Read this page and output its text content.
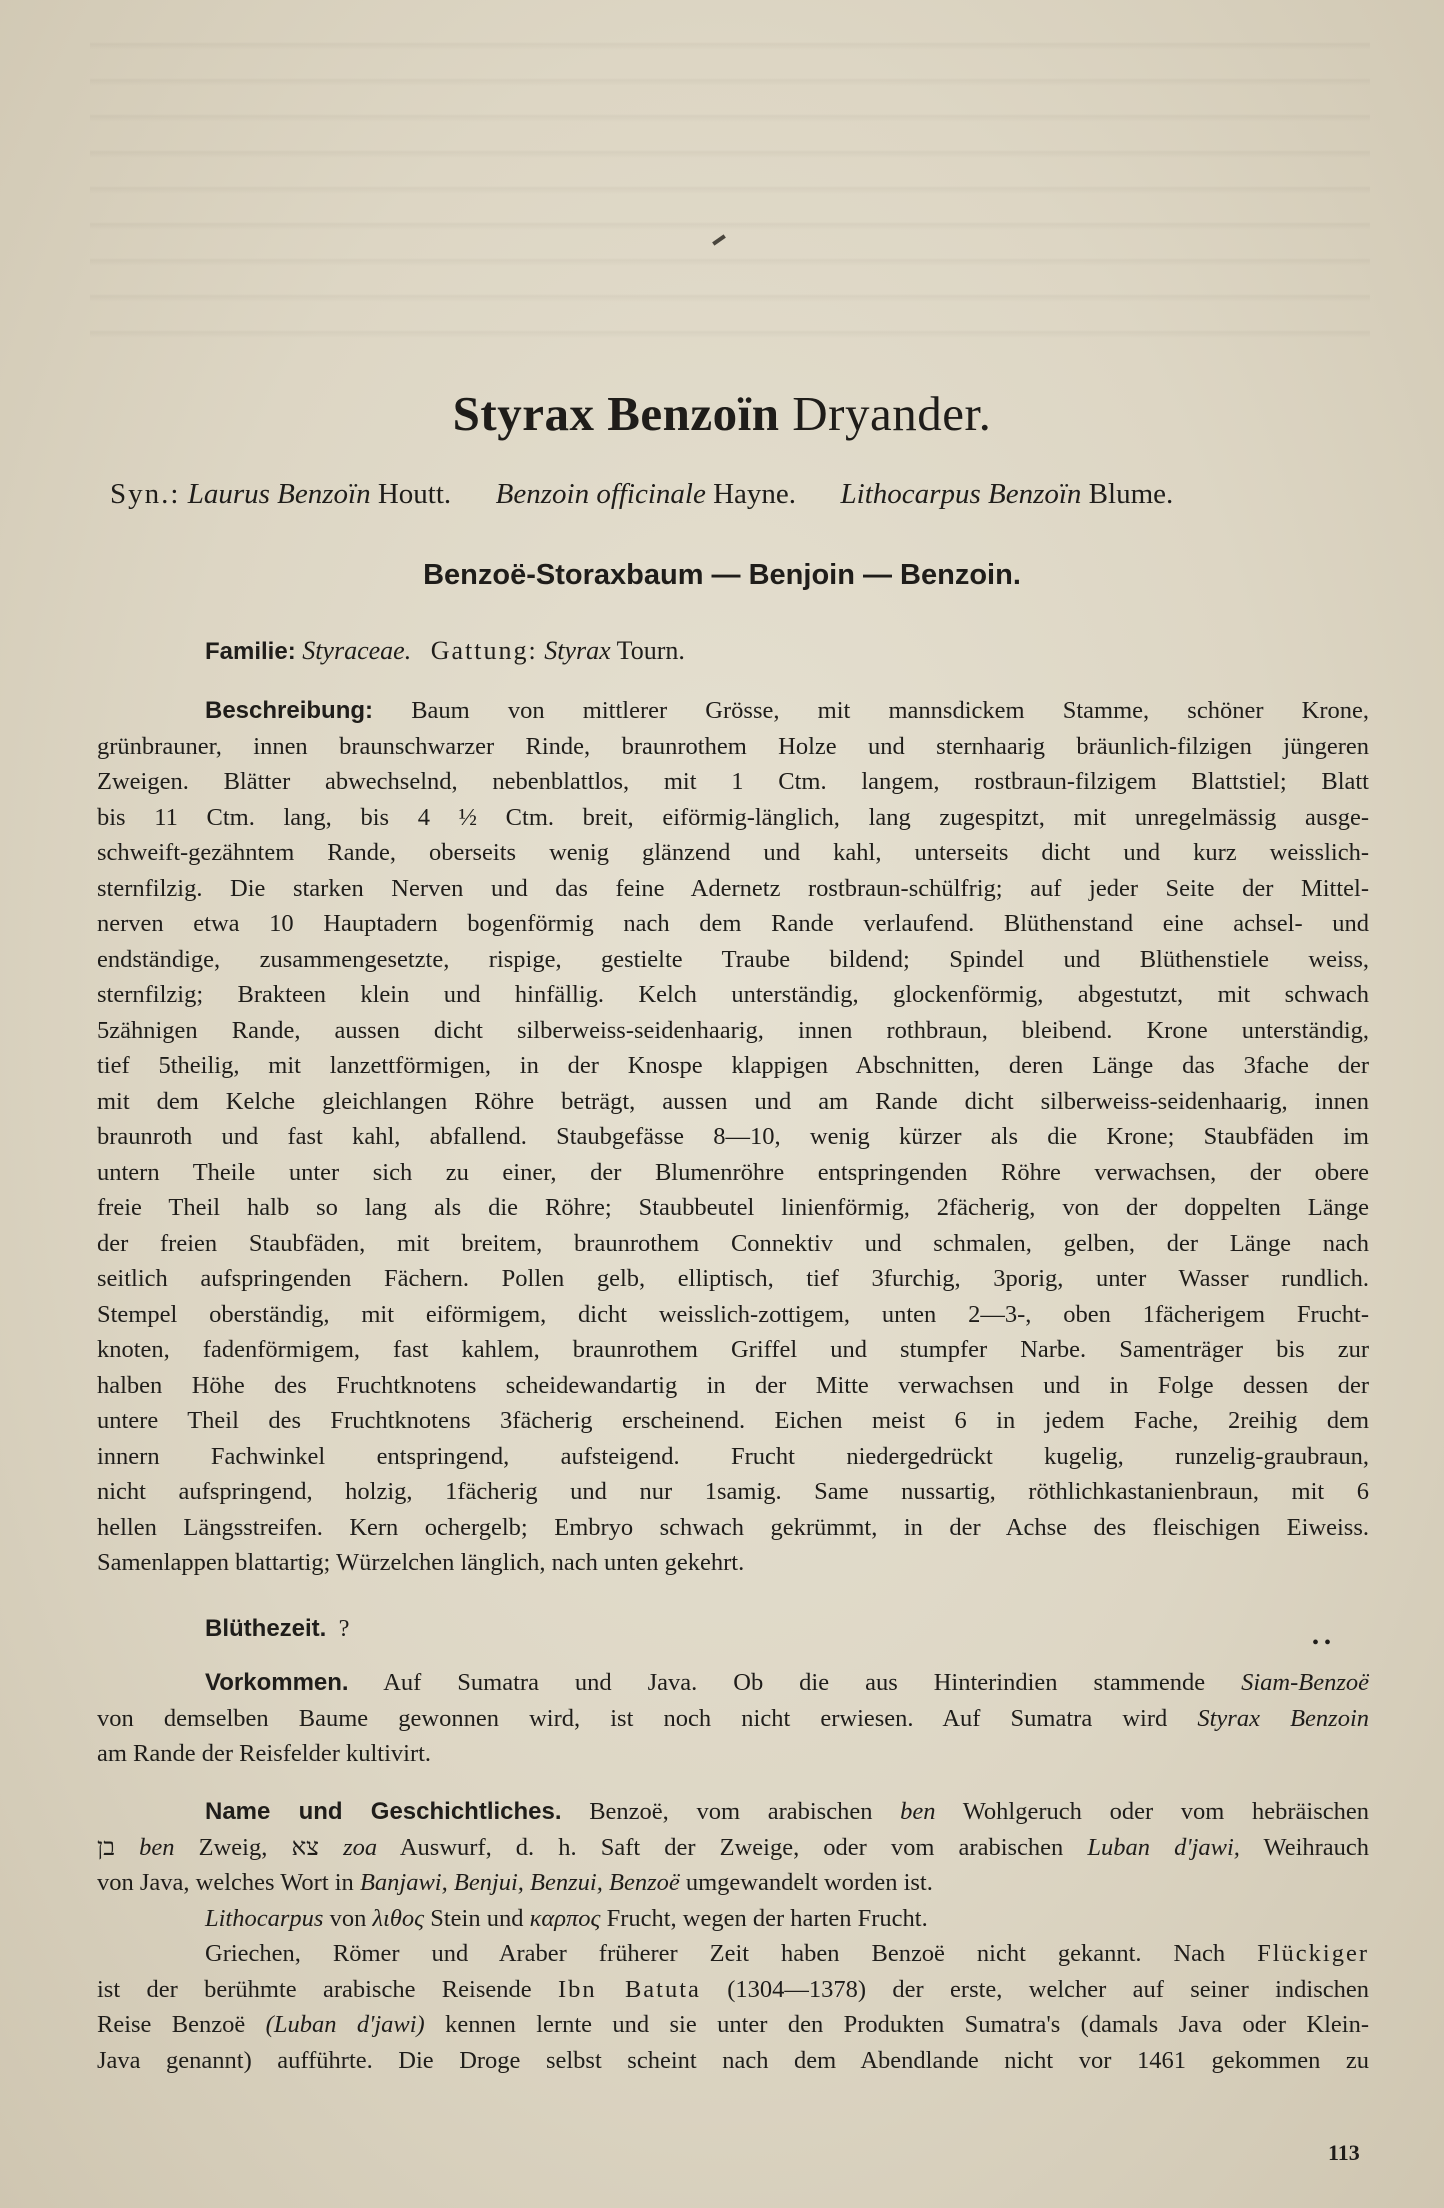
Styrax Benzoïn Dryander.
Syn.: Laurus Benzoïn Houtt. Benzoin officinale Hayne. Lithocarpus Benzoïn Blume.
Benzoë-Storaxbaum — Benjoin — Benzoin.
Familie: Styraceae. Gattung: Styrax Tourn.
Beschreibung: Baum von mittlerer Grösse, mit mannsdickem Stamme, schöner Krone,
grünbrauner, innen braunschwarzer Rinde, braunrothem Holze und sternhaarig bräunlich-filzigen jüngeren
Zweigen. Blätter abwechselnd, nebenblattlos, mit 1 Ctm. langem, rostbraun-filzigem Blattstiel; Blatt
bis 11 Ctm. lang, bis 4 ½ Ctm. breit, eiförmig-länglich, lang zugespitzt, mit unregelmässig ausge-
schweift-gezähntem Rande, oberseits wenig glänzend und kahl, unterseits dicht und kurz weisslich-
sternfilzig. Die starken Nerven und das feine Adernetz rostbraun-schülfrig; auf jeder Seite der Mittel-
nerven etwa 10 Hauptadern bogenförmig nach dem Rande verlaufend. Blüthenstand eine achsel- und
endständige, zusammengesetzte, rispige, gestielte Traube bildend; Spindel und Blüthenstiele weiss,
sternfilzig; Brakteen klein und hinfällig. Kelch unterständig, glockenförmig, abgestutzt, mit schwach
5zähnigen Rande, aussen dicht silberweiss-seidenhaarig, innen rothbraun, bleibend. Krone unterständig,
tief 5theilig, mit lanzettförmigen, in der Knospe klappigen Abschnitten, deren Länge das 3fache der
mit dem Kelche gleichlangen Röhre beträgt, aussen und am Rande dicht silberweiss-seidenhaarig, innen
braunroth und fast kahl, abfallend. Staubgefässe 8—10, wenig kürzer als die Krone; Staubfäden im
untern Theile unter sich zu einer, der Blumenröhre entspringenden Röhre verwachsen, der obere
freie Theil halb so lang als die Röhre; Staubbeutel linienförmig, 2fächerig, von der doppelten Länge
der freien Staubfäden, mit breitem, braunrothem Connektiv und schmalen, gelben, der Länge nach
seitlich aufspringenden Fächern. Pollen gelb, elliptisch, tief 3furchig, 3porig, unter Wasser rundlich.
Stempel oberständig, mit eiförmigem, dicht weisslich-zottigem, unten 2—3-, oben 1fächerigem Frucht-
knoten, fadenförmigem, fast kahlem, braunrothem Griffel und stumpfer Narbe. Samenträger bis zur
halben Höhe des Fruchtknotens scheidewandartig in der Mitte verwachsen und in Folge dessen der
untere Theil des Fruchtknotens 3fächerig erscheinend. Eichen meist 6 in jedem Fache, 2reihig dem
innern Fachwinkel entspringend, aufsteigend. Frucht niedergedrückt kugelig, runzelig-graubraun,
nicht aufspringend, holzig, 1fächerig und nur 1samig. Same nussartig, röthlichkastanienbraun, mit 6
hellen Längsstreifen. Kern ochergelb; Embryo schwach gekrümmt, in der Achse des fleischigen Eiweiss.
Samenlappen blattartig; Würzelchen länglich, nach unten gekehrt.
Blüthezeit. ?
• •
Vorkommen. Auf Sumatra und Java. Ob die aus Hinterindien stammende Siam-Benzoë
von demselben Baume gewonnen wird, ist noch nicht erwiesen. Auf Sumatra wird Styrax Benzoin
am Rande der Reisfelder kultivirt.
Name und Geschichtliches. Benzoë, vom arabischen ben Wohlgeruch oder vom hebräischen
בן ben Zweig, צא zoa Auswurf, d. h. Saft der Zweige, oder vom arabischen Luban d'jawi, Weihrauch
von Java, welches Wort in Banjawi, Benjui, Benzui, Benzoë umgewandelt worden ist.
Lithocarpus von λιθος Stein und καρπος Frucht, wegen der harten Frucht.
Griechen, Römer und Araber früherer Zeit haben Benzoë nicht gekannt. Nach Flückiger
ist der berühmte arabische Reisende Ibn Batuta (1304—1378) der erste, welcher auf seiner indischen
Reise Benzoë (Luban d'jawi) kennen lernte und sie unter den Produkten Sumatra's (damals Java oder Klein-
Java genannt) aufführte. Die Droge selbst scheint nach dem Abendlande nicht vor 1461 gekommen zu
113
